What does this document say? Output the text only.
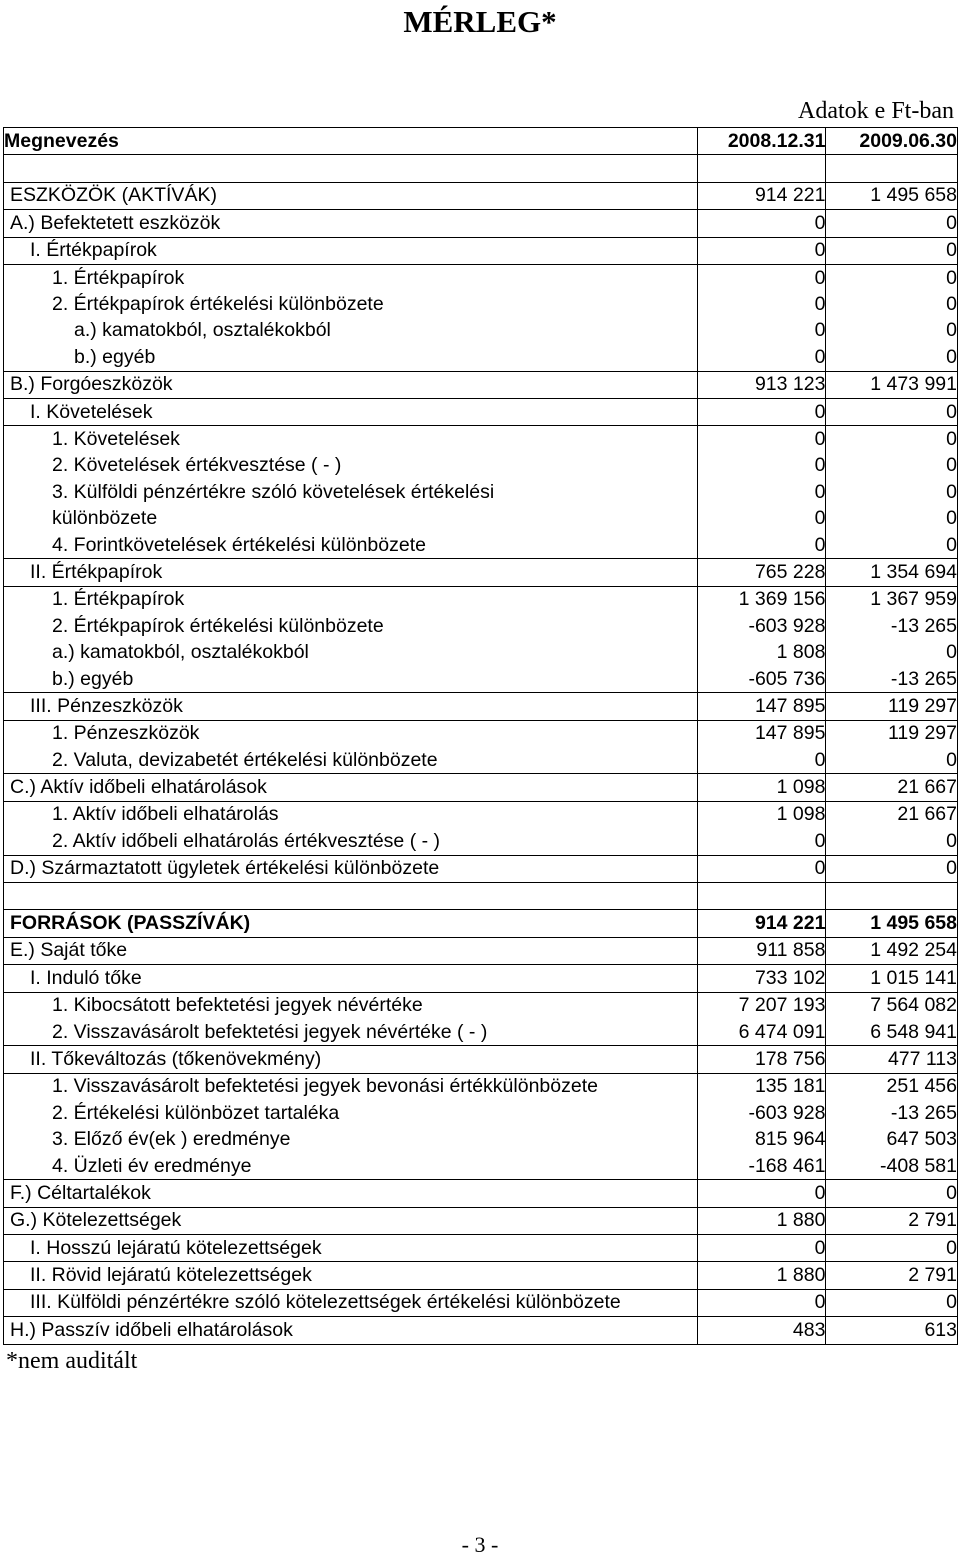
MÉRLEG*
Adatok e Ft-ban
Megnevezés	2008.12.31	2009.06.30

ESZKÖZÖK (AKTÍVÁK)	914 221	1 495 658
A.) Befektetett eszközök	0	0
I. Értékpapírok	0	0
1. Értékpapírok	0	0
2. Értékpapírok értékelési különbözete	0	0
a.) kamatokból, osztalékokból	0	0
b.) egyéb	0	0
B.) Forgóeszközök	913 123	1 473 991
I. Követelések	0	0
1. Követelések	0	0
2. Követelések értékvesztése ( - )	0	0
3. Külföldi pénzértékre szóló követelések értékelési	0	0
különbözete	0	0
4. Forintkövetelések értékelési különbözete	0	0
II. Értékpapírok	765 228	1 354 694
1. Értékpapírok	1 369 156	1 367 959
2. Értékpapírok értékelési különbözete	-603 928	-13 265
a.) kamatokból, osztalékokból	1 808	0
b.) egyéb	-605 736	-13 265
III. Pénzeszközök	147 895	119 297
1. Pénzeszközök	147 895	119 297
2. Valuta, devizabetét értékelési különbözete	0	0
C.) Aktív időbeli elhatárolások	1 098	21 667
1. Aktív időbeli elhatárolás	1 098	21 667
2. Aktív időbeli elhatárolás értékvesztése ( - )	0	0
D.) Származtatott ügyletek értékelési különbözete	0	0

FORRÁSOK (PASSZÍVÁK)	914 221	1 495 658
E.) Saját tőke	911 858	1 492 254
I. Induló tőke	733 102	1 015 141
1. Kibocsátott befektetési jegyek névértéke	7 207 193	7 564 082
2. Visszavásárolt befektetési jegyek névértéke ( - )	6 474 091	6 548 941
II. Tőkeváltozás (tőkenövekmény)	178 756	477 113
1. Visszavásárolt befektetési jegyek bevonási értékkülönbözete	135 181	251 456
2. Értékelési különbözet tartaléka	-603 928	-13 265
3. Előző év(ek ) eredménye	815 964	647 503
4. Üzleti év eredménye	-168 461	-408 581
F.) Céltartalékok	0	0
G.) Kötelezettségek	1 880	2 791
I. Hosszú lejáratú kötelezettségek	0	0
II. Rövid lejáratú kötelezettségek	1 880	2 791
III. Külföldi pénzértékre szóló kötelezettségek értékelési különbözete	0	0
H.) Passzív időbeli elhatárolások	483	613
*nem auditált
- 3 -
